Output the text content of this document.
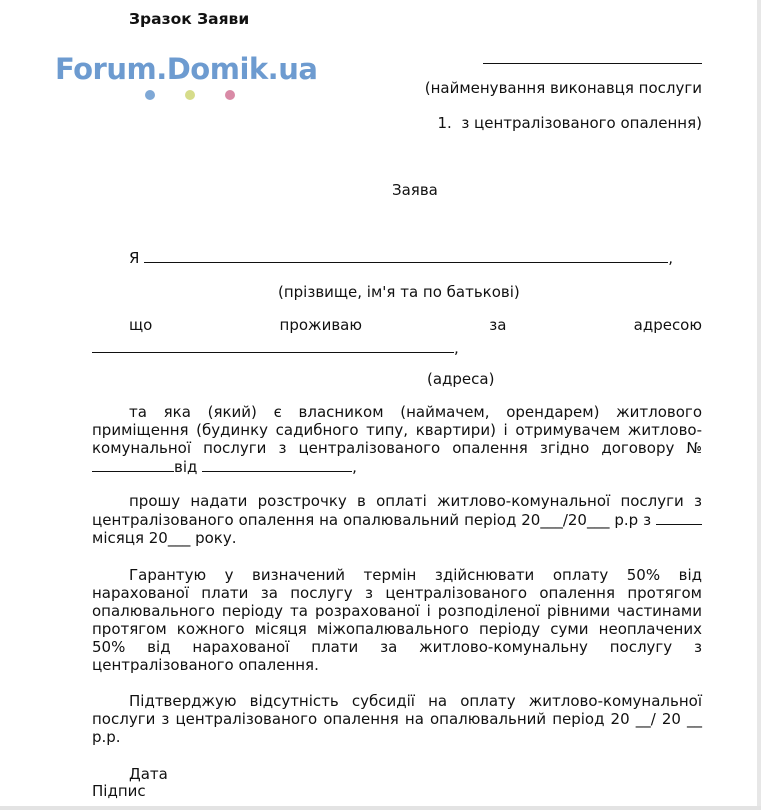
Forum.Domik.ua
Зразок Заяви
(найменування виконавця послуги
1. з централізованого опалення)
Заява
Я	,
(прізвище, ім'я та по батькові)
що	проживаю	за	адресою
,
(адреса)
та яка (який) є власником (наймачем, орендарем) житлового приміщення (будинку садибного типу, квартири) і отримувачем житлово-комунальної послуги з централізованого опалення згідно договору № від	,
прошу надати розстрочку в оплаті житлово-комунальної послуги з централізованого опалення на опалювальний період 20___/20___ р.р з  місяця 20___ року.
Гарантую у визначений термін здійснювати оплату 50% від нарахованої плати за послугу з централізованого опалення протягом опалювального періоду та розрахованої і розподіленої рівними частинами протягом кожного місяця міжопалювального періоду суми неоплачених 50% від нарахованої плати за житлово-комунальну послугу з централізованого опалення.
Підтверджую відсутність субсидії на оплату житлово-комунальної послуги з централізованого опалення на опалювальний період 20 __/ 20 __ р.р.
Дата
Підпис
